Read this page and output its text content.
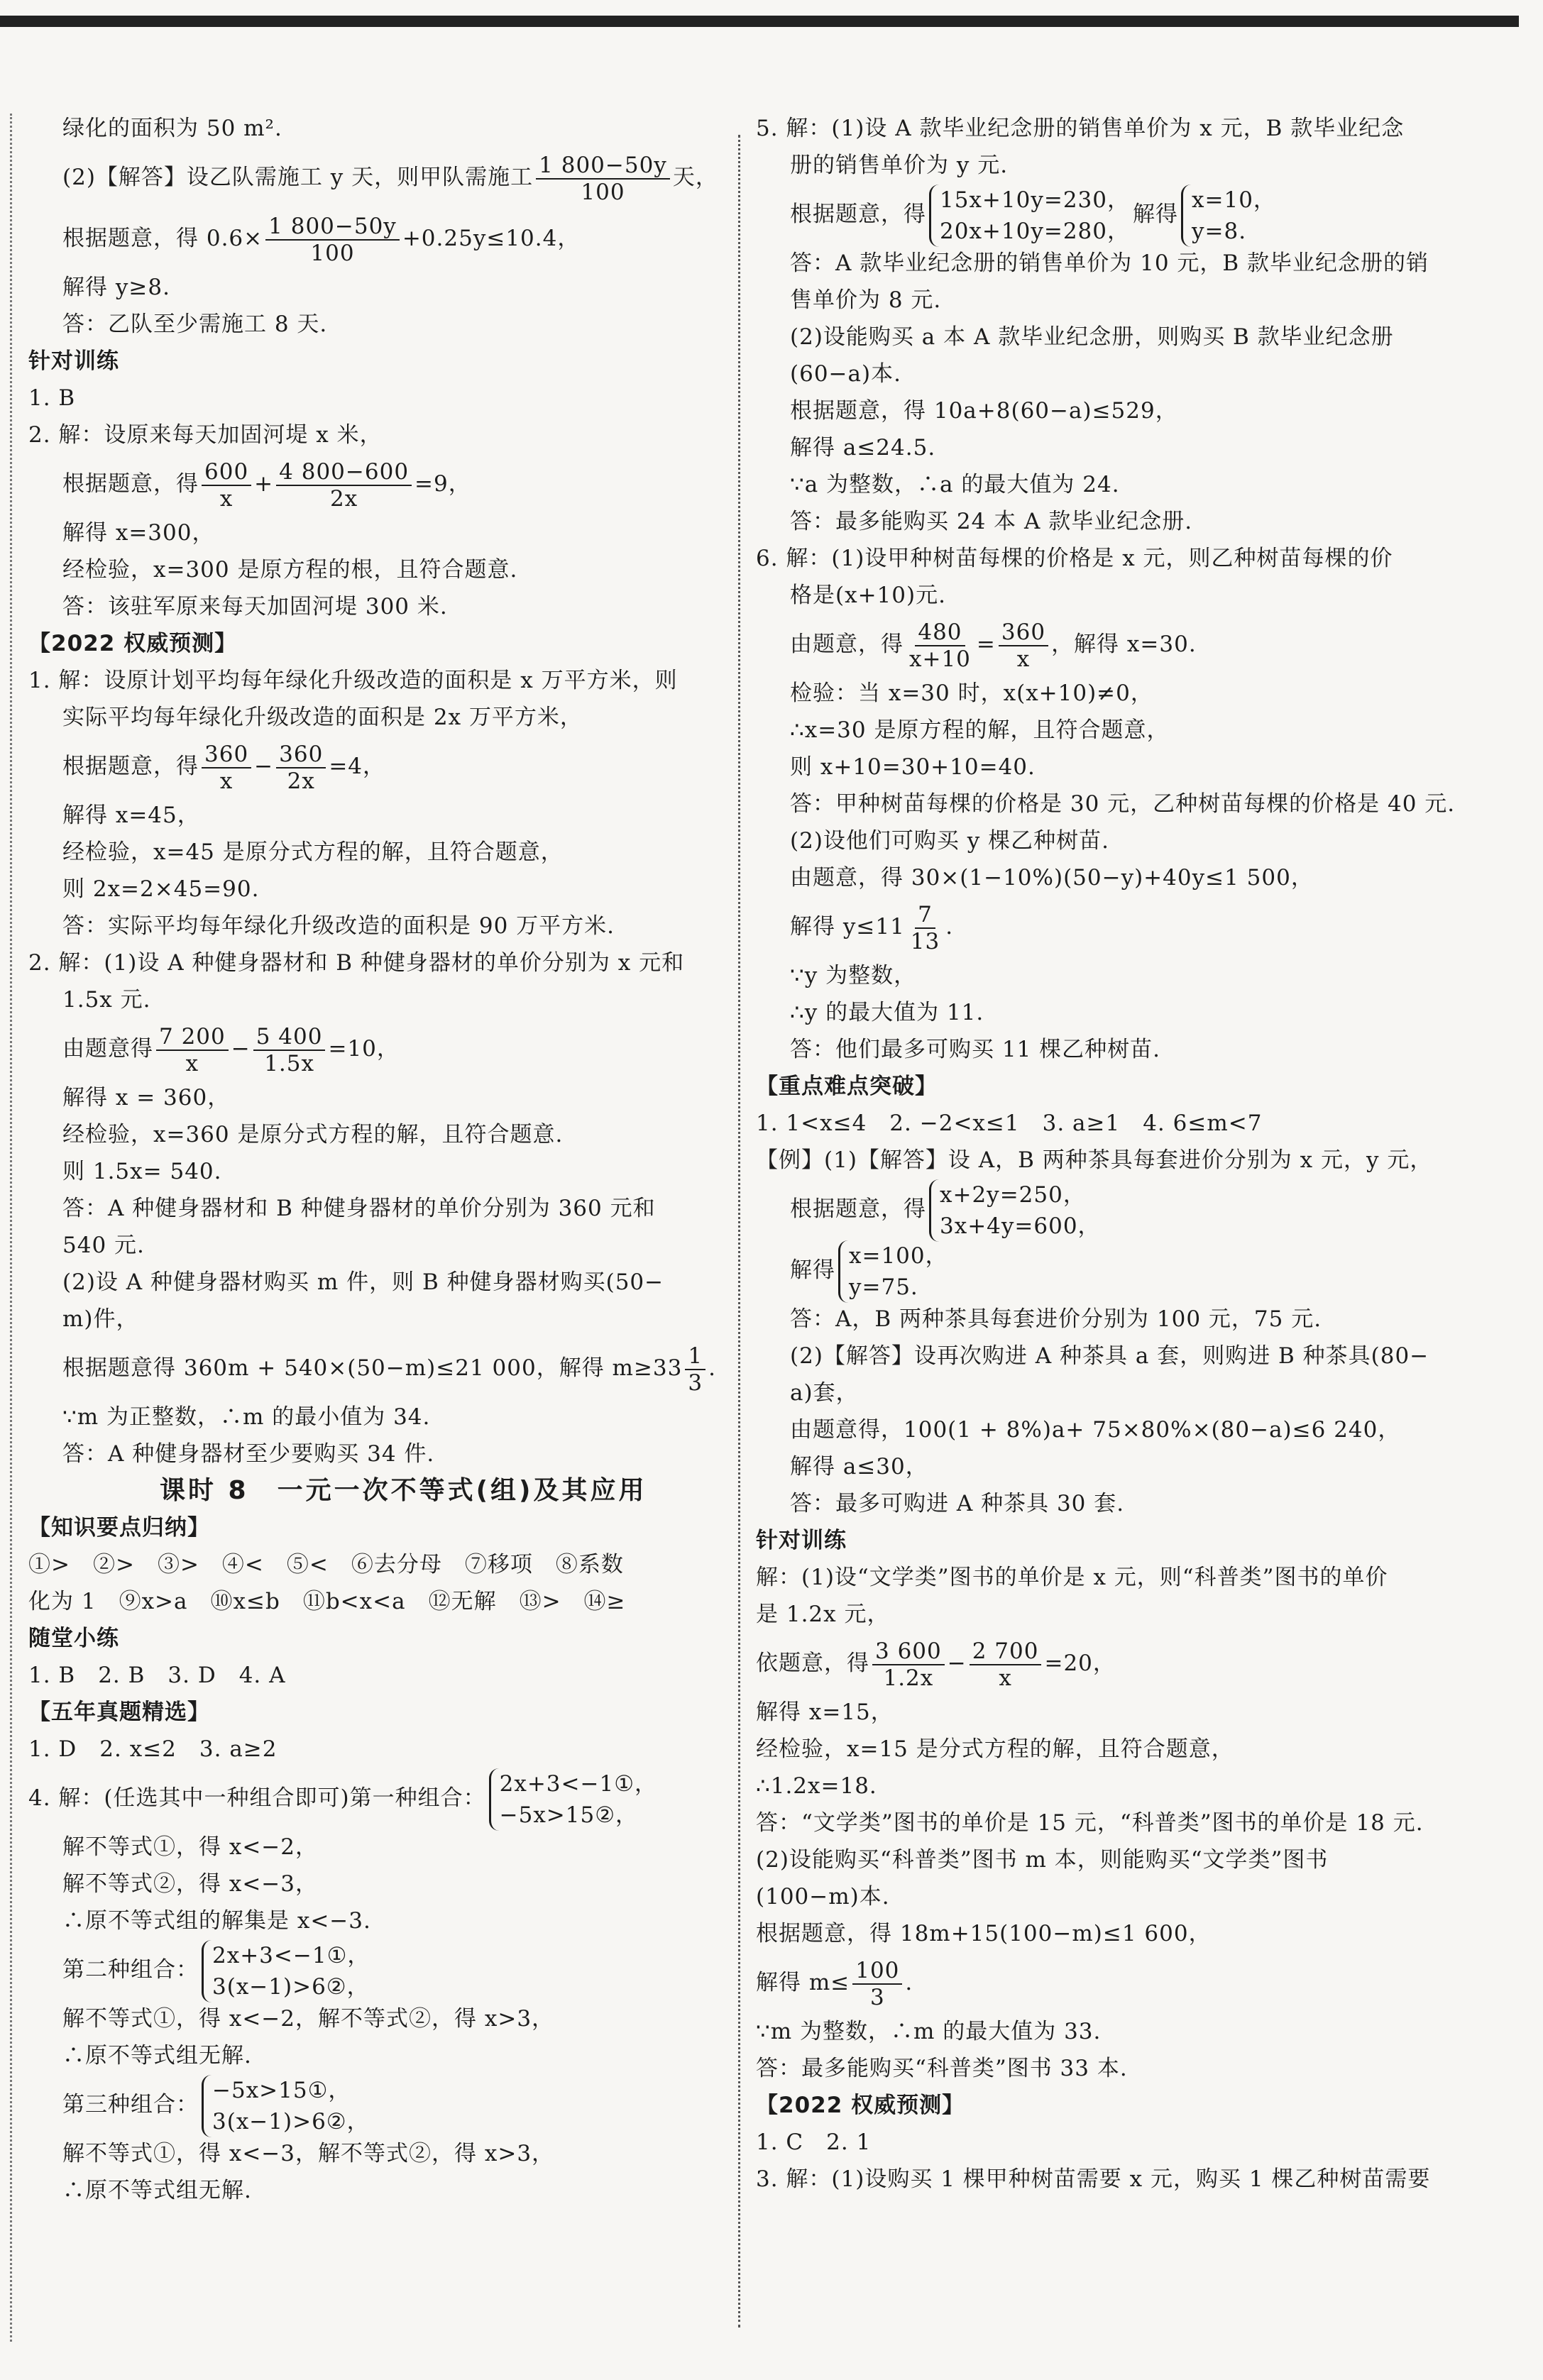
绿化的面积为 50 m².
(2)【解答】设乙队需施工 y 天，则甲队需施工 $\frac{1 800-50y}{100}$ 天，
根据题意，得 $0.6\times \frac{1 800-50y}{100} +0.25y\le 10.4$，
解得 y≥8.
答：乙队至少需施工 8 天.
针对训练
1. B
2. 解：设原来每天加固河堤 x 米，
根据题意，得 $\frac{600}{x} + \frac{4 800-600}{2x} =9$，
解得 x=300，
经检验，x=300 是原方程的根，且符合题意.
答：该驻军原来每天加固河堤 300 米.
【2022 权威预测】
1. 解：设原计划平均每年绿化升级改造的面积是 x 万平方米，则
实际平均每年绿化升级改造的面积是 2x 万平方米，
根据题意，得 $\frac{360}{x} - \frac{360}{2x} =4$，
解得 x=45，
经检验，x=45 是原分式方程的解，且符合题意，
则 2x=2×45=90.
答：实际平均每年绿化升级改造的面积是 90 万平方米.
2. 解：(1)设 A 种健身器材和 B 种健身器材的单价分别为 x 元和
1.5x 元.
由题意得 $\frac{7 200}{x} - \frac{5 400}{1.5x} =10$，
解得 x = 360，
经检验，x=360 是原分式方程的解，且符合题意.
则 1.5x= 540.
答：A 种健身器材和 B 种健身器材的单价分别为 360 元和
540 元.
(2)设 A 种健身器材购买 m 件，则 B 种健身器材购买(50−
m)件，
根据题意得 360m + 540×(50−m)≤21 000，解得 $m\ge 33 \frac{1}{3}$ .
∵m 为正整数，∴m 的最小值为 34.
答：A 种健身器材至少要购买 34 件.
课时 8　一元一次不等式(组)及其应用
【知识要点归纳】
①>　②>　③>　④<　⑤<　⑥去分母　⑦移项　⑧系数
化为 1　⑨x>a　⑩x≤b　⑪b<x<a　⑫无解　⑬>　⑭≥
随堂小练
1. B　2. B　3. D　4. A
【五年真题精选】
1. D　2. x≤2　3. a≥2
4. 解：(任选其中一种组合即可)第一种组合：
2x+3<−1①，
−5x>15②，
解不等式①，得 x<−2，
解不等式②，得 x<−3，
∴原不等式组的解集是 x<−3.
第二种组合：
2x+3<−1①，
3(x−1)>6②，
解不等式①，得 x<−2，解不等式②，得 x>3，
∴原不等式组无解.
第三种组合：
−5x>15①，
3(x−1)>6②，
解不等式①，得 x<−3，解不等式②，得 x>3，
∴原不等式组无解.
5. 解：(1)设 A 款毕业纪念册的销售单价为 x 元，B 款毕业纪念
册的销售单价为 y 元.
根据题意，得
15x+10y=230，
20x+10y=280，
解得
x=10，
y=8.
答：A 款毕业纪念册的销售单价为 10 元，B 款毕业纪念册的销
售单价为 8 元.
(2)设能购买 a 本 A 款毕业纪念册，则购买 B 款毕业纪念册
(60−a)本.
根据题意，得 10a+8(60−a)≤529，
解得 a≤24.5.
∵a 为整数，∴a 的最大值为 24.
答：最多能购买 24 本 A 款毕业纪念册.
6. 解：(1)设甲种树苗每棵的价格是 x 元，则乙种树苗每棵的价
格是(x+10)元.
由题意，得 $\frac{480}{x+10} = \frac{360}{x}$ ，解得 x=30.
检验：当 x=30 时，x(x+10)≠0，
∴x=30 是原方程的解，且符合题意，
则 x+10=30+10=40.
答：甲种树苗每棵的价格是 30 元，乙种树苗每棵的价格是 40 元.
(2)设他们可购买 y 棵乙种树苗.
由题意，得 30×(1−10%)(50−y)+40y≤1 500，
解得 $y\le 11 \frac{7}{13}$ .
∵y 为整数，
∴y 的最大值为 11.
答：他们最多可购买 11 棵乙种树苗.
【重点难点突破】
1. 1<x≤4　2. −2<x≤1　3. a≥1　4. 6≤m<7
【例】(1)【解答】设 A，B 两种茶具每套进价分别为 x 元，y 元，
根据题意，得
x+2y=250，
3x+4y=600，
解得
x=100，
y=75.
答：A，B 两种茶具每套进价分别为 100 元，75 元.
(2)【解答】设再次购进 A 种茶具 a 套，则购进 B 种茶具(80−
a)套，
由题意得，100(1 + 8%)a+ 75×80%×(80−a)≤6 240，
解得 a≤30，
答：最多可购进 A 种茶具 30 套.
针对训练
解：(1)设“文学类”图书的单价是 x 元，则“科普类”图书的单价
是 1.2x 元，
依题意，得 $\frac{3 600}{1.2x} - \frac{2 700}{x} =20$，
解得 x=15，
经检验，x=15 是分式方程的解，且符合题意，
∴1.2x=18.
答：“文学类”图书的单价是 15 元，“科普类”图书的单价是 18 元.
(2)设能购买“科普类”图书 m 本，则能购买“文学类”图书
(100−m)本.
根据题意，得 18m+15(100−m)≤1 600，
解得 $m\le \frac{100}{3}$ .
∵m 为整数，∴m 的最大值为 33.
答：最多能购买“科普类”图书 33 本.
【2022 权威预测】
1. C　2. 1
3. 解：(1)设购买 1 棵甲种树苗需要 x 元，购买 1 棵乙种树苗需要
